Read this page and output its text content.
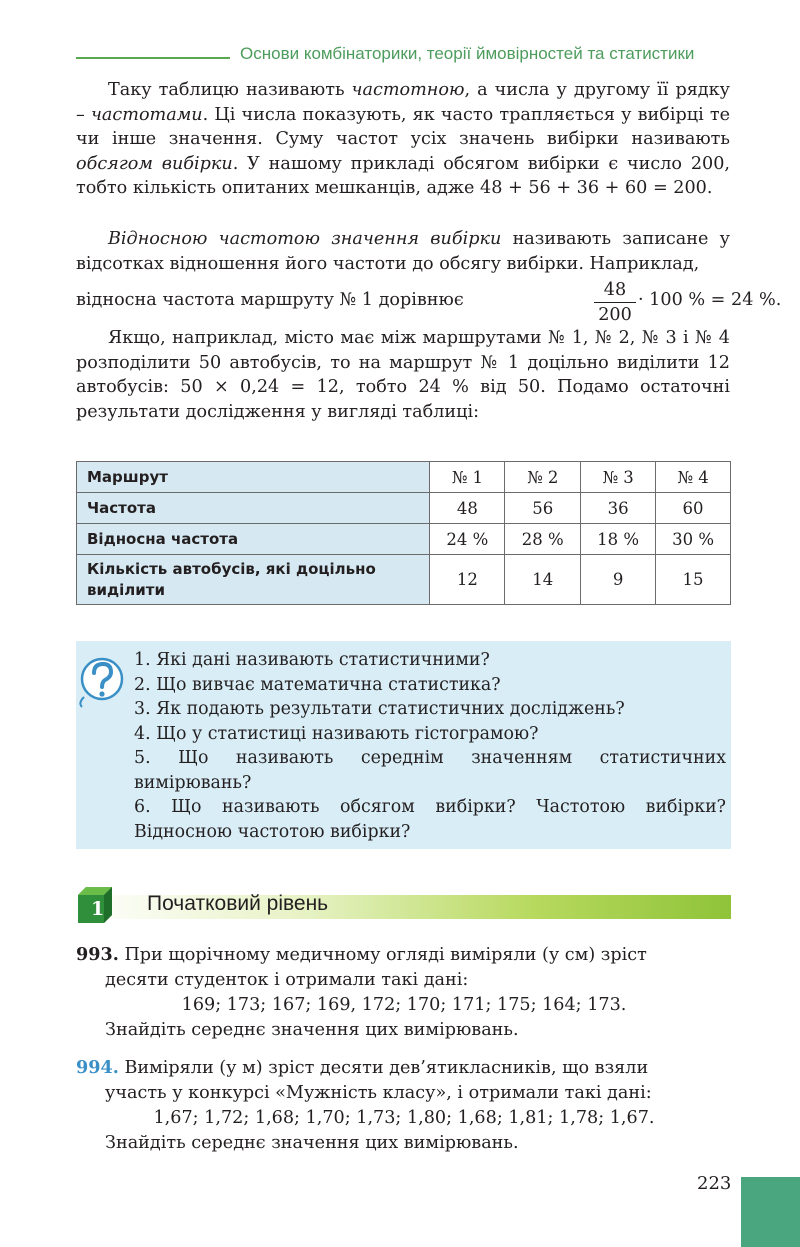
Основи комбінаторики, теорії ймовірностей та статистики

Таку таблицю називають частотною, а числа у другому її рядку – частотами. Ці числа показують, як часто трапляється у вибірці те чи інше значення. Суму частот усіх значень вибірки називають обсягом вибірки. У нашому прикладі обсягом вибірки є число 200, тобто кількість опитаних мешканців, адже 48 + 56 + 36 + 60 = 200.

Відносною частотою значення вибірки називають записане у відсотках відношення його частоти до обсягу вибірки. Наприклад,

відносна частота маршруту № 1 дорівнює	$\frac{48}{200} \cdot 100$ % = 24 %.

Якщо, наприклад, місто має між маршрутами № 1, № 2, № 3 і № 4 розподілити 50 автобусів, то на маршрут № 1 доцільно виділити 12 автобусів: 50 × 0,24 = 12, тобто 24 % від 50. Подамо остаточні результати дослідження у вигляді таблиці:

Маршрут	№ 1	№ 2	№ 3	№ 4
Частота	48	56	36	60
Відносна частота	24 %	28 %	18 %	30 %
Кількість автобусів, які доцільно виділити	12	14	9	15
1. Які дані називають статистичними?
2. Що вивчає математична статистика?
3. Як подають результати статистичних досліджень?
4. Що у статистиці називають гістограмою?
5. Що називають середнім значенням статистичних вимірювань?
6. Що називають обсягом вибірки? Частотою вибірки? Відносною частотою вибірки?
1 Початковий рівень
993. При щорічному медичному огляді виміряли (у см) зріст
десяти студенток і отримали такі дані:
169; 173; 167; 169, 172; 170; 171; 175; 164; 173.
Знайдіть середнє значення цих вимірювань.
994. Виміряли (у м) зріст десяти дев’ятикласників, що взяли
участь у конкурсі «Мужність класу», і отримали такі дані:
1,67; 1,72; 1,68; 1,70; 1,73; 1,80; 1,68; 1,81; 1,78; 1,67.
Знайдіть середнє значення цих вимірювань.
223
